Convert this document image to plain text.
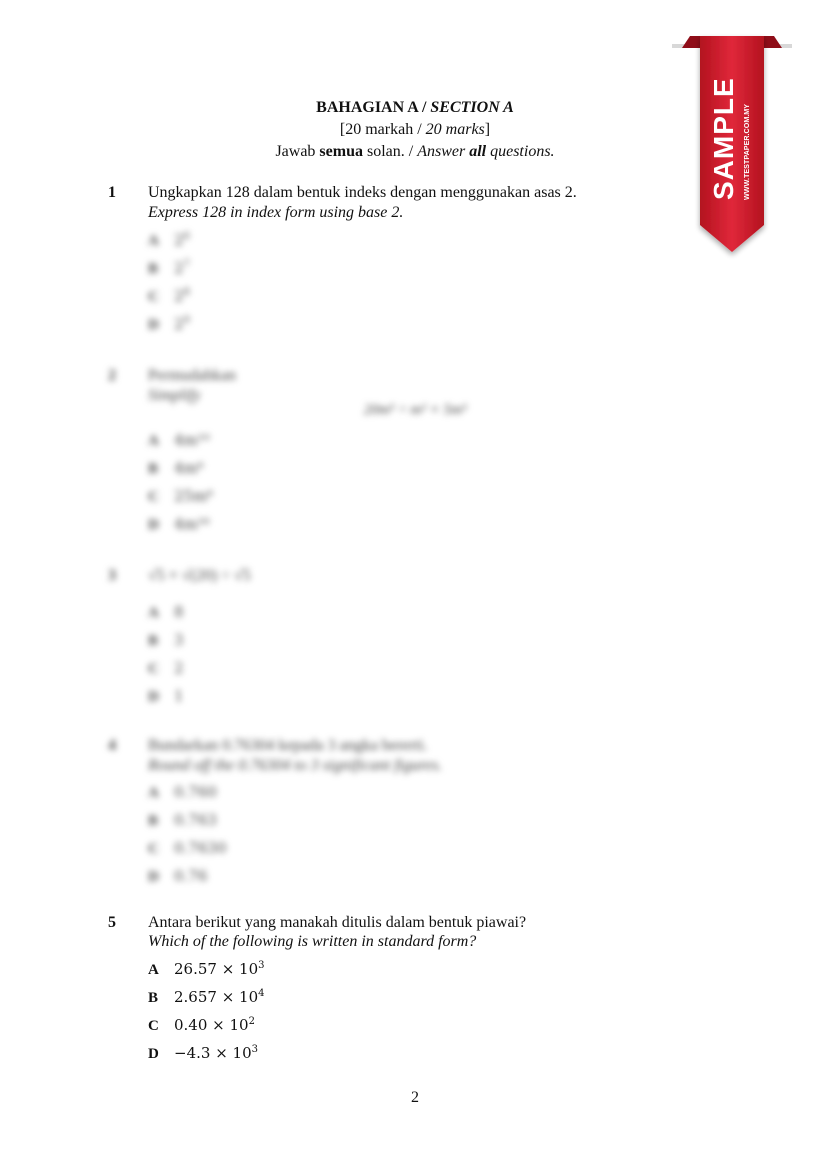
BAHAGIAN A / SECTION A
[20 markah / 20 marks]
Jawab semua solan. / Answer all questions.
1 Ungkapkan 128 dalam bentuk indeks dengan menggunakan asas 2.
Express 128 in index form using base 2.
A $2^6$
B $2^7$
C $2^8$
D $2^9$
2 Permudahkan
Simplify
20m⁵ ÷ m² × 5m³
A 4m¹⁰
B 4m⁶
C 25m⁶
D 4m¹⁶
3 √5 × √(20) ÷ √5
A 8
B 3
C 2
D 1
4 Bundarkan 0.76304 kepada 3 angka bererti.
Round off the 0.76304 to 3 significant figures.
A 0.760
B 0.763
C 0.7630
D 0.76
5 Antara berikut yang manakah ditulis dalam bentuk piawai?
Which of the following is written in standard form?
A $26.57 \times 10^3$
B $2.657 \times 10^4$
C $0.40 \times 10^2$
$D -4.3 \times 10^3$
2
SAMPLE WWW.TESTPAPER.COM.MY
